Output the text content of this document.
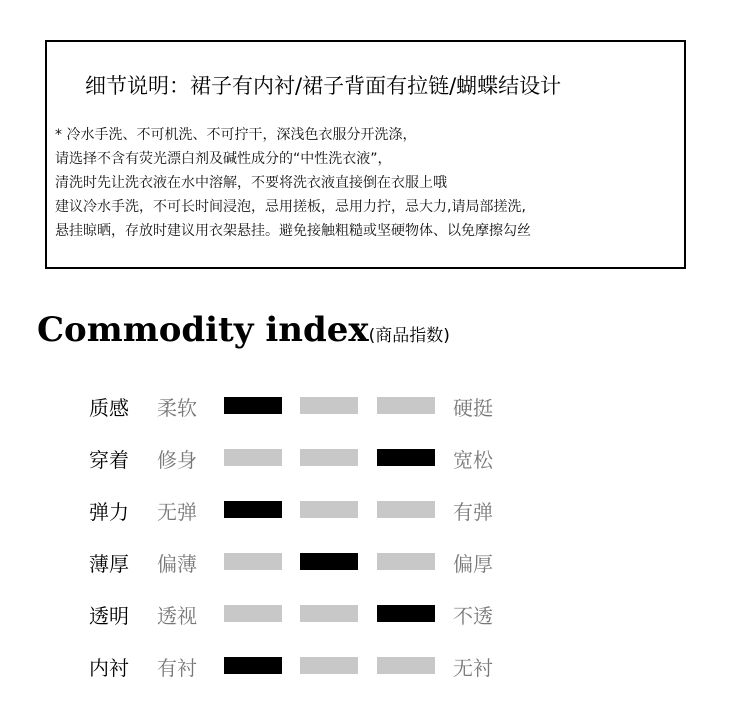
细节说明：裙子有内衬/裙子背面有拉链/蝴蝶结设计
* 冷水手洗、不可机洗、不可拧干，深浅色衣服分开洗涤，
请选择不含有荧光漂白剂及碱性成分的“中性洗衣液”，
清洗时先让洗衣液在水中溶解，不要将洗衣液直接倒在衣服上哦
建议冷水手洗，不可长时间浸泡，忌用搓板，忌用力拧，忌大力,请局部搓洗,
悬挂晾晒，存放时建议用衣架悬挂。避免接触粗糙或坚硬物体、以免摩擦勾丝
Commodity index(商品指数)
质感 柔软	硬挺
穿着 修身	宽松
弹力 无弹	有弹
薄厚 偏薄	偏厚
透明 透视	不透
内衬 有衬	无衬
